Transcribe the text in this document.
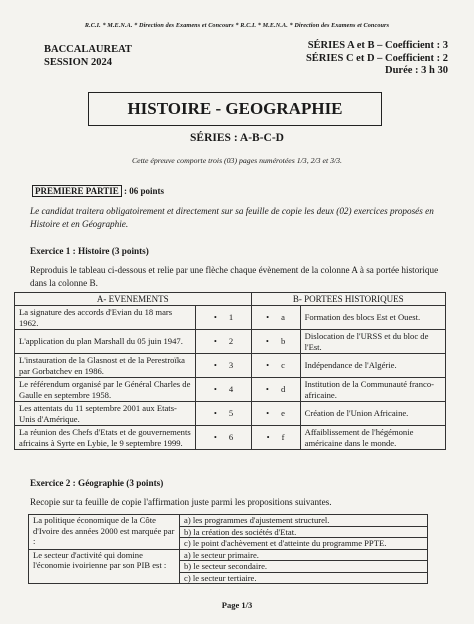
R.C.I. * M.E.N.A. * Direction des Examens et Concours * R.C.I. * M.E.N.A. * Direction des Examens et Concours
BACCALAUREAT
SESSION 2024
SÉRIES A et B – Coefficient : 3
SÉRIES C et D – Coefficient : 2
Durée : 3 h 30
HISTOIRE - GEOGRAPHIE
SÉRIES : A-B-C-D
Cette épreuve comporte trois (03) pages numérotées 1/3, 2/3 et 3/3.
PREMIERE PARTIE : 06 points
Le candidat traitera obligatoirement et directement sur sa feuille de copie les deux (02) exercices proposés en Histoire et en Géographie.
Exercice 1 : Histoire (3 points)
Reproduis le tableau ci-dessous et relie par une flèche chaque évènement de la colonne A à sa portée historique dans la colonne B.
A- EVENEMENTS		B- PORTEES HISTORIQUES	
La signature des accords d'Evian du 18 mars 1962.	• 1	• a	Formation des blocs Est et Ouest.
L'application du plan Marshall du 05 juin 1947.	• 2	• b	Dislocation de l'URSS et du bloc de l'Est.
L'instauration de la Glasnost et de la Perestroïka par Gorbatchev en 1986.	• 3	• c	Indépendance de l'Algérie.
Le référendum organisé par le Général Charles de Gaulle en septembre 1958.	• 4	• d	Institution de la Communauté franco-africaine.
Les attentats du 11 septembre 2001 aux Etats-Unis d'Amérique.	• 5	• e	Création de l'Union Africaine.
La réunion des Chefs d'Etats et de gouvernements africains à Syrte en Lybie, le 9 septembre 1999.	• 6	• f	Affaiblissement de l'hégémonie américaine dans le monde.
Exercice 2 : Géographie (3 points)
Recopie sur ta feuille de copie l'affirmation juste parmi les propositions suivantes.
La politique économique de la Côte d'Ivoire des années 2000 est marquée par :	a) les programmes d'ajustement structurel.
	b) la création des sociétés d'Etat.
	c) le point d'achèvement et d'atteinte du programme PPTE.
Le secteur d'activité qui domine l'économie ivoirienne par son PIB est :	a) le secteur primaire.
	b) le secteur secondaire.
	c) le secteur tertiaire.
Page 1/3
